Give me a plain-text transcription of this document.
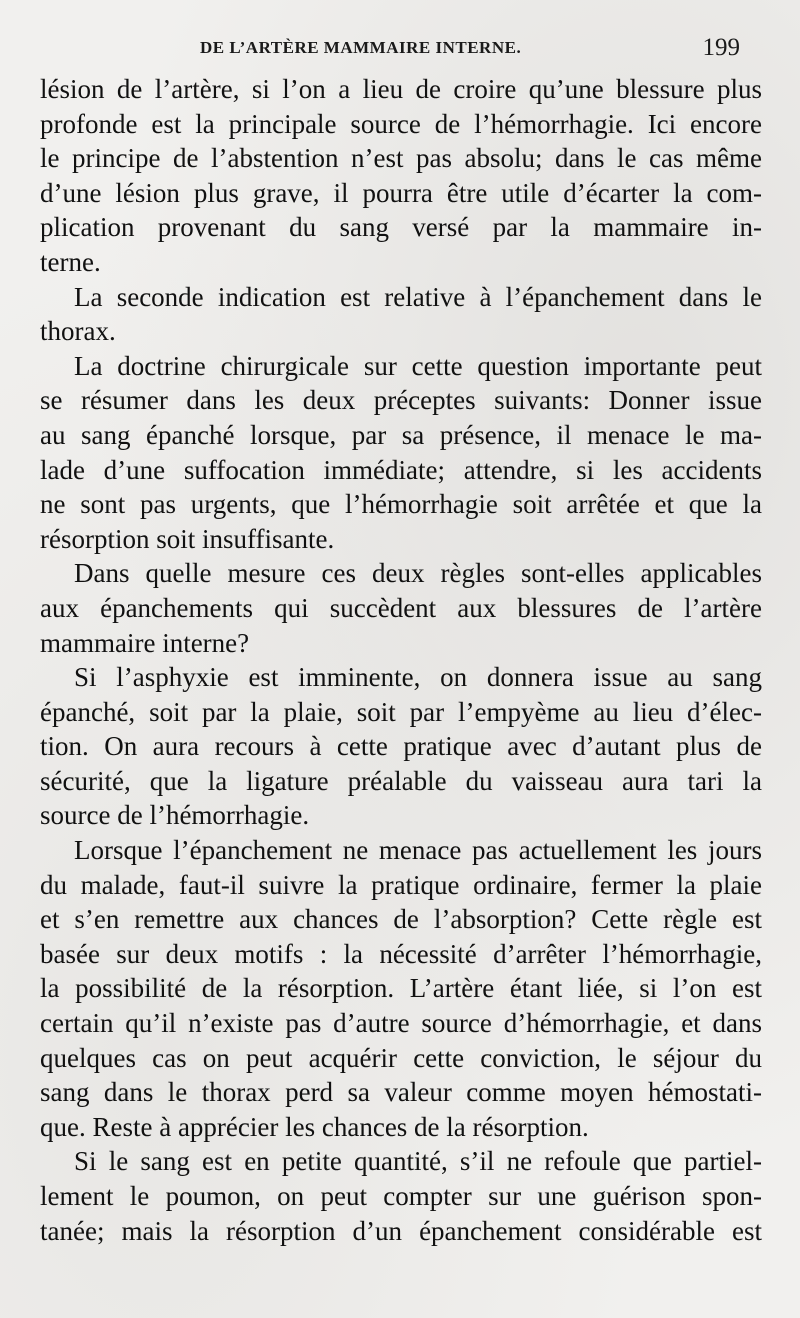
DE L’ARTÈRE MAMMAIRE INTERNE.	199
lésion de l’artère, si l’on a lieu de croire qu’une blessure plus
profonde est la principale source de l’hémorrhagie. Ici encore
le principe de l’abstention n’est pas absolu; dans le cas même
d’une lésion plus grave, il pourra être utile d’écarter la com-
plication provenant du sang versé par la mammaire in-
terne.
La seconde indication est relative à l’épanchement dans le
thorax.
La doctrine chirurgicale sur cette question importante peut
se résumer dans les deux préceptes suivants: Donner issue
au sang épanché lorsque, par sa présence, il menace le ma-
lade d’une suffocation immédiate; attendre, si les accidents
ne sont pas urgents, que l’hémorrhagie soit arrêtée et que la
résorption soit insuffisante.
Dans quelle mesure ces deux règles sont-elles applicables
aux épanchements qui succèdent aux blessures de l’artère
mammaire interne?
Si l’asphyxie est imminente, on donnera issue au sang
épanché, soit par la plaie, soit par l’empyème au lieu d’élec-
tion. On aura recours à cette pratique avec d’autant plus de
sécurité, que la ligature préalable du vaisseau aura tari la
source de l’hémorrhagie.
Lorsque l’épanchement ne menace pas actuellement les jours
du malade, faut-il suivre la pratique ordinaire, fermer la plaie
et s’en remettre aux chances de l’absorption? Cette règle est
basée sur deux motifs : la nécessité d’arrêter l’hémorrhagie,
la possibilité de la résorption. L’artère étant liée, si l’on est
certain qu’il n’existe pas d’autre source d’hémorrhagie, et dans
quelques cas on peut acquérir cette conviction, le séjour du
sang dans le thorax perd sa valeur comme moyen hémostati-
que. Reste à apprécier les chances de la résorption.
Si le sang est en petite quantité, s’il ne refoule que partiel-
lement le poumon, on peut compter sur une guérison spon-
tanée; mais la résorption d’un épanchement considérable est
